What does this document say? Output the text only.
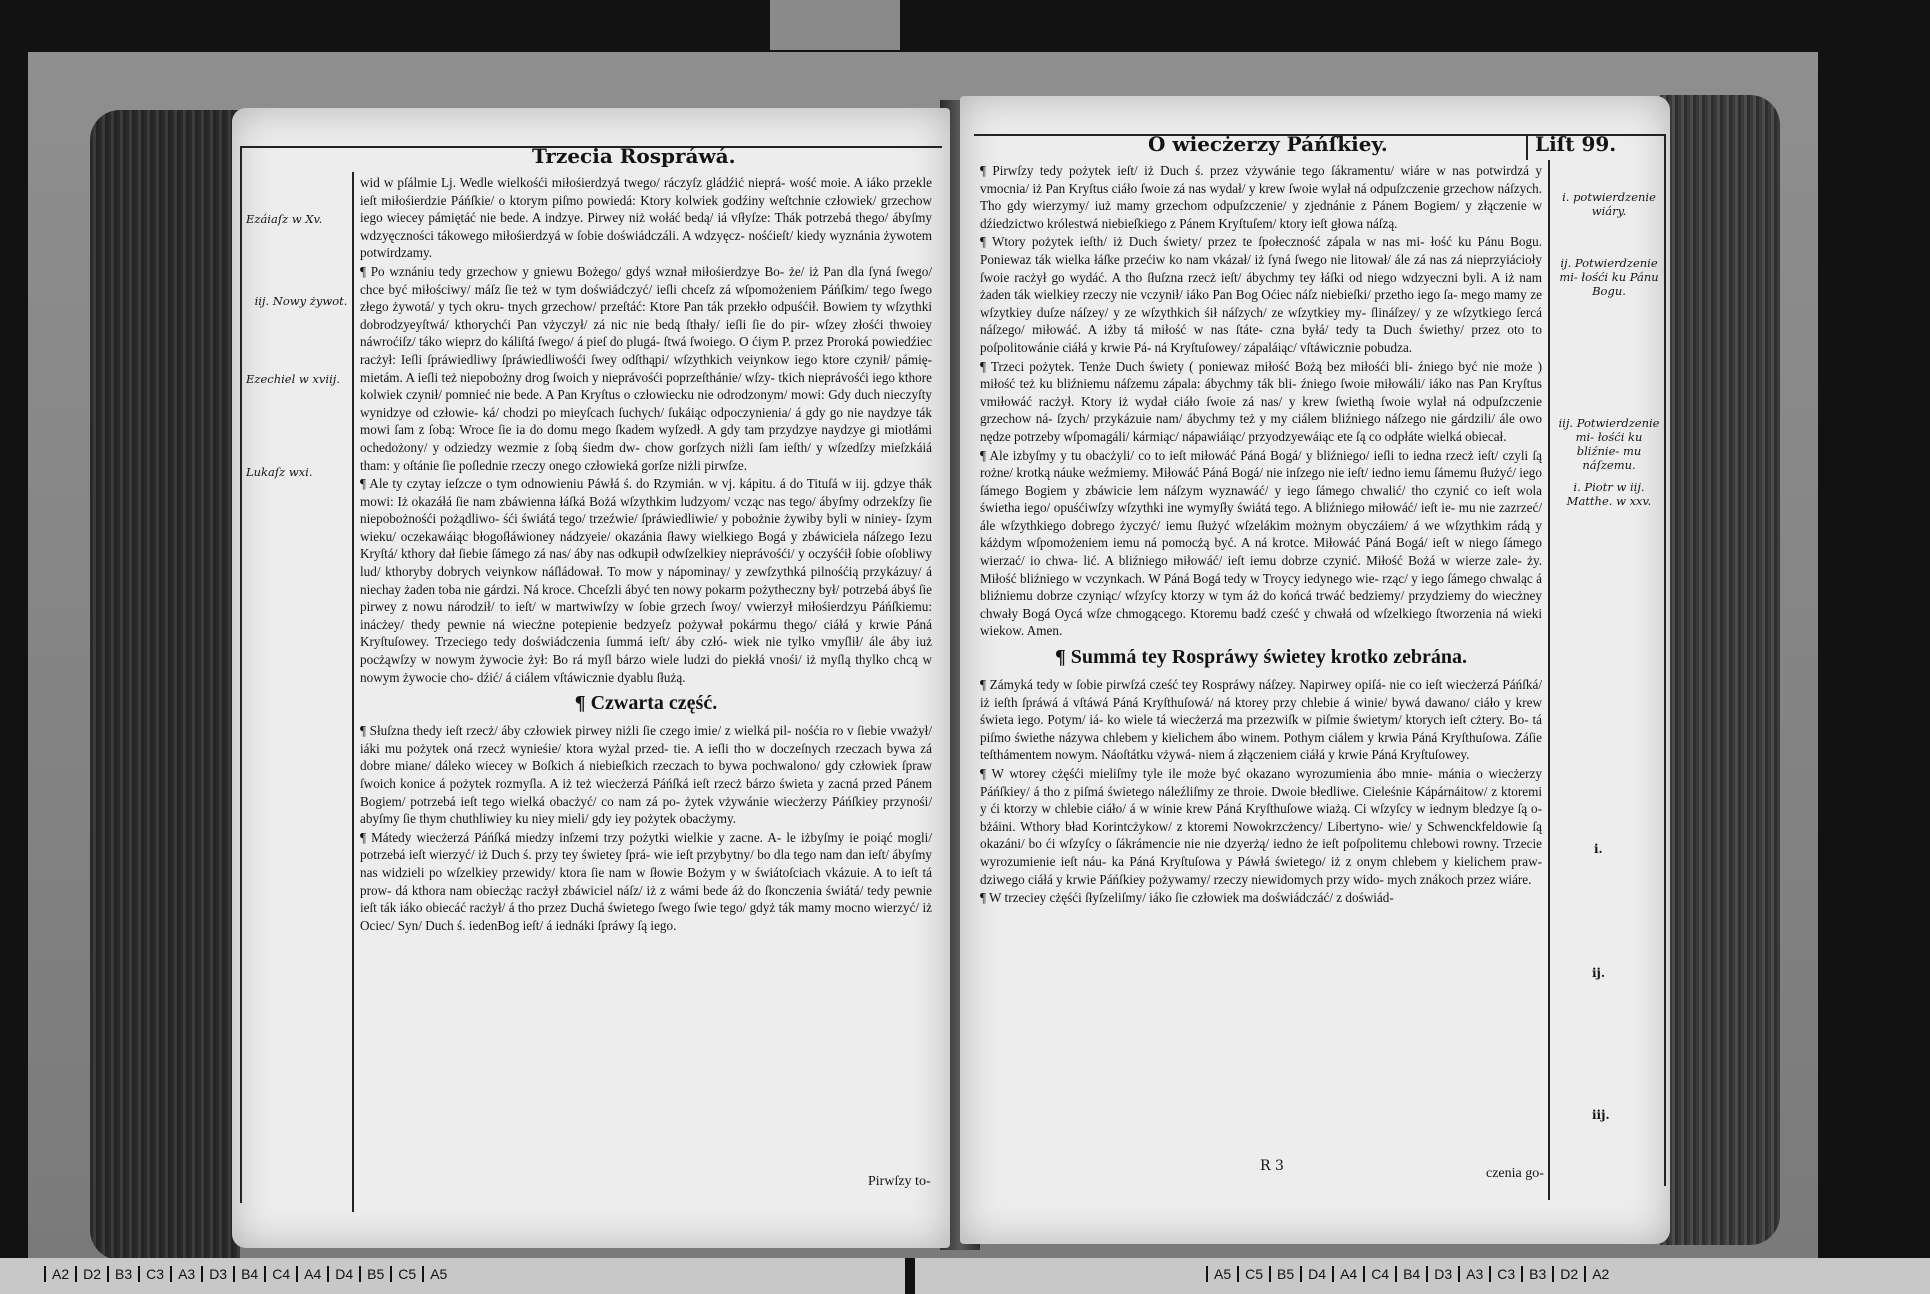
Trzecia Rospráwá.
Ezáiaſz w Xv.
iij. Nowy żywot.
Ezechiel w xviij.
Lukaſz wxi.

wid w pſálmie Lj. Wedle wielkośći miłośierdzyá twego/ ráczyſz gládźić nieprá- wość moie. A iáko przekle ieſt miłośierdzie Páńſkie/ o ktorym piſmo powiedá: Ktory kolwiek godźiny weſtchnie człowiek/ grzechow iego wiecey pámiętáć nie bede. A indzye. Pirwey niż wołáć bedą/ iá vſłyſze: Thák potrzebá thego/ ábyſmy wdzyęczności tákowego miłośierdzyá w ſobie doświádczáli. A wdzyęcz- nośćieſt/ kiedy wyznánia żywotem potwirdzamy.

¶ Po wznániu tedy grzechow y gniewu Bożego/ gdyś wznał miłośierdzye Bo- że/ iż Pan dla ſyná ſwego/ chce być miłościwy/ máſz ſie też w tym doświádczyć/ ieſli chceſz zá wſpomożeniem Páńſkim/ tego ſwego złego żywotá/ y tych okru- tnych grzechow/ przeſtáć: Ktore Pan ták przekło odpuśćił. Bowiem ty wſzythki dobrodzyeyſtwá/ kthorychći Pan vżyczył/ zá nic nie bedą ſthały/ ieſli ſie do pir- wſzey złośći thwoiey náwroćiſz/ táko wieprz do káliſtá ſwego/ á pieſ do plugá- ſtwá ſwoiego. O ćiym P. przez Proroká powiedźiec racżył: Ieſli ſpráwiedliwy ſpráwiedliwośći ſwey odſthąpi/ wſzythkich veiynkow iego ktore czynił/ pámię- mietám. A ieſli też niepobożny drog ſwoich y nieprávośći poprzeſthánie/ wſzy- tkich nieprávośći iego kthore kolwiek czynił/ pomnieć nie bede. A Pan Kryſtus o człowiecku nie odrodzonym/ mowi: Gdy duch nieczyſty wynidzye od człowie- ká/ chodzi po mieyſcach ſuchych/ ſukáiąc odpoczynienia/ á gdy go nie naydzye ták mowi ſam z ſobą: Wroce ſie ia do domu mego ſkadem wyſzedł. A gdy tam przydzye naydzye gi miotłámi ochedożony/ y odziedzy wezmie z ſobą śiedm dw- chow gorſzych niżli ſam ieſth/ y wſzedſzy mieſzkáiá tham: y oſtánie ſie poſlednie rzeczy onego człowieká gorſze niżli pirwſze.

¶ Ale ty czytay ieſzcze o tym odnowieniu Páwłá ś. do Rzymián. w vj. kápitu. á do Tituſá w iij. gdzye thák mowi: Iż okazáłá ſie nam zbáwienna łáſká Bożá wſzythkim ludzyom/ vcząc nas tego/ ábyſmy odrzekſzy ſie niepobożnośći pożądliwo- śći świátá tego/ trzeźwie/ ſpráwiedliwie/ y pobożnie żywiby byli w niniey- ſzym wieku/ oczekawáiąc błogoſłáwioney nádzyeie/ okazánia ſławy wielkiego Bogá y zbáwiciela náſzego Iezu Kryſtá/ kthory dał ſiebie ſámego zá nas/ áby nas odkupił odwſzelkiey nieprávośći/ y oczyśćił ſobie oſobliwy lud/ kthoryby dobrych veiynkow náſládował. To mow y nápominay/ y zewſzythká pilnośćią przykázuy/ á niechay żaden toba nie gárdzi. Ná kroce. Chceſzli ábyć ten nowy pokarm pożytheczny był/ potrzebá ábyś ſie pirwey z nowu národził/ to ieſt/ w martwiwſzy w ſobie grzech ſwoy/ vwierzył miłośierdzyu Páńſkiemu: inácżey/ thedy pewnie ná wiecżne potepienie bedzyeſz pożywał pokármu thego/ ciáłá y krwie Páná Kryſtuſowey. Trzeciego tedy doświádczenia ſummá ieſt/ áby człó- wiek nie tylko vmyſlił/ ále áby iuż pocżąwſzy w nowym żywocie żył: Bo rá myſl bárzo wiele ludzi do piekłá vnośi/ iż myſlą thylko chcą w nowym żywocie cho- dźić/ á ciálem vſtáwicznie dyablu ſłużą.

¶ Czwarta część.

¶ Słuſzna thedy ieſt rzecż/ áby człowiek pirwey niżli ſie czego imie/ z wielká pil- nośćia ro v ſiebie vważył/ iáki mu pożytek oná rzecż wynieśie/ ktora wyżal przed- tie. A ieſli tho w doczeſnych rzeczach bywa zá dobre miane/ dáleko wiecey w Boſkich á niebieſkich rzeczach to bywa pochwalono/ gdy człowiek ſpraw ſwoich konice á pożytek rozmyſla. A iż też wiecżerzá Páńſká ieſt rzecż bárzo świeta y zacná przed Pánem Bogiem/ potrzebá ieſt tego wielká obacżyć/ co nam zá po- żytek vżywánie wiecżerzy Páńſkiey przynośi/ abyſmy ſie thym chuthliwiey ku niey mieli/ gdy iey pożytek obacżymy.

¶ Mátedy wiecżerzá Páńſká miedzy inſzemi trzy pożytki wielkie y zacne. A- le iżbyſmy ie poiąć mogli/ potrzebá ieſt wierzyć/ iż Duch ś. przy tey świetey ſprá- wie ieſt przybytny/ bo dla tego nam dan ieſt/ ábyſmy nas widzieli po wſzelkiey przewidy/ ktora ſie nam w ſłowie Bożym y w świátoſciach vkázuie. A to ieſt tá prow- dá kthora nam obiecżąc racżył zbáwiciel náſz/ iż z wámi bede áż do ſkonczenia świátá/ tedy pewnie ieſt ták iáko obiecáć racżył/ á tho przez Duchá świetego ſwego ſwie tego/ gdyż ták mamy mocno wierzyć/ iż Ociec/ Syn/ Duch ś. iedenBog ieſt/ á iednáki ſpráwy ſą iego.

Pirwſzy to-
O wiecżerzy Páńſkiey.	Liſt 99.
i. potwierdzenie wiáry.
ij. Potwierdzenie mi- łośći ku Pánu Bogu.
iij. Potwierdzenie mi- łośći ku bliźnie- mu náſzemu.
i. Piotr w iij. Matthe. w xxv.
i.
ij.
iij.

¶ Pirwſzy tedy pożytek ieſt/ iż Duch ś. przez vżywánie tego ſákramentu/ wiáre w nas potwirdzá y vmocnia/ iż Pan Kryſtus ciáło ſwoie zá nas wydał/ y krew ſwoie wylał ná odpuſzczenie grzechow náſzych. Tho gdy wierzymy/ iuż mamy grzechom odpuſzczenie/ y zjednánie z Pánem Bogiem/ y złączenie w dźiedzictwo królestwá niebieſkiego z Pánem Kryſtuſem/ ktory ieſt głowa náſzą.

¶ Wtory pożytek ieſth/ iż Duch świety/ przez te ſpołeczność zápala w nas mi- łość ku Pánu Bogu. Poniewaz ták wielka łáſke przećiw ko nam vkázał/ iż ſyná ſwego nie litował/ ále zá nas zá nieprzyiácioły ſwoie racżył go wydáć. A tho ſłuſzna rzecż ieſt/ ábychmy tey łáſki od niego wdzyeczni byli. A iż nam żaden ták wielkiey rzeczy nie vczynił/ iáko Pan Bog Oćiec náſz niebieſki/ przetho iego ſa- mego mamy ze wſzytkiey duſze náſzey/ y ze wſzythkich śił náſzych/ ze wſzytkiey my- ſlináſzey/ y ze wſzytkiego ſercá náſzego/ miłowáć. A iżby tá miłość w nas ſtáte- czna byłá/ tedy ta Duch świethy/ przez oto to poſpolitowánie ciáłá y krwie Pá- ná Kryſtuſowey/ zápaláiąc/ vſtáwicznie pobudza.

¶ Trzeci pożytek. Tenże Duch świety ( poniewaz miłość Bożą bez miłośći bli- źniego być nie może ) miłość też ku bliźniemu náſzemu zápala: ábychmy ták bli- źniego ſwoie miłowáli/ iáko nas Pan Kryſtus vmiłowáć racżył. Ktory iż wydał ciáło ſwoie zá nas/ y krew ſwiethą ſwoie wylał ná odpuſzczenie grzechow ná- ſzych/ przykázuie nam/ ábychmy też y my ciálem bliźniego náſzego nie gárdzili/ ále owo nędze potrzeby wſpomagáli/ kármiąc/ nápawiáiąc/ przyodzyewáiąc ete ſą co odpłáte wielká obiecał.

¶ Ale izbyſmy y tu obacżyli/ co to ieſt miłowáć Páná Bogá/ y bliźniego/ ieſli to iedna rzecż ieſt/ czyli ſą rożne/ krotką náuke weźmiemy. Miłowáć Páná Bogá/ nie inſzego nie ieſt/ iedno iemu ſámemu ſłużyć/ iego ſámego Bogiem y zbáwicie lem náſzym wyznawáć/ y iego ſámego chwalić/ tho czynić co ieſt wola świetha iego/ opuśćiwſzy wſzythki ine wymyſły świátá tego. A bliźniego miłowáć/ ieſt ie- mu nie zazrzeć/ ále wſzythkiego dobrego życzyć/ iemu ſłużyć wſzelákim możnym obyczáiem/ á we wſzythkim rádą y káżdym wſpomożeniem iemu ná pomocżą być. A ná krotce. Miłowáć Páná Bogá/ ieſt w niego ſámego wierzać/ io chwa- lić. A bliźniego miłowáć/ ieſt iemu dobrze czynić. Miłość Bożá w wierze zale- ży. Miłość bliźniego w vczynkach. W Páná Bogá tedy w Troycy iedynego wie- rząc/ y iego ſámego chwaląc á bliźniemu dobrze czyniąc/ wſzyſcy ktorzy w tym áż do końcá trwáć bedziemy/ przydziemy do wiecżney chwały Bogá Oycá wſze chmogącego. Ktoremu badź cześć y chwałá od wſzelkiego ſtworzenia ná wieki wiekow. Amen.

¶ Summá tey Rospráwy świetey krotko zebrána.

¶ Zámyká tedy w ſobie pirwſzá cześć tey Rospráwy náſzey. Napirwey opiſá- nie co ieſt wiecżerzá Páńſká/ iż ieſth ſpráwá á vſtáwá Páná Kryſthuſowá/ ná ktorey przy chlebie á winie/ bywá dawano/ ciáło y krew świeta iego. Potym/ iá- ko wiele tá wiecżerzá ma przezwiſk w piſmie świetym/ ktorych ieſt cżtery. Bo- tá piſmo świethe názywa chlebem y kielichem ábo winem. Pothym ciálem y krwia Páná Kryſthuſowa. Záſie teſthámentem nowym. Náoſtátku vżywá- niem á złączeniem ciáłá y krwie Páná Kryſtuſowey.

¶ W wtorey cżęśći mieliſmy tyle ile może być okazano wyrozumienia ábo mnie- mánia o wiecżerzy Páńſkiey/ á tho z piſmá świetego náleźliſmy ze throie. Dwoie błedliwe. Cieleśnie Kápárnáitow/ z ktoremi y ći ktorzy w chlebie ciáło/ á w winie krew Páná Kryſthuſowe wiażą. Ci wſzyſcy w iednym bledzye ſą o- bżáini. Wthory bład Korintcżykow/ z ktoremi Nowokrzcżency/ Libertyno- wie/ y Schwenckfeldowie ſą okazáni/ bo ći wſzyſcy o ſákrámencie nie nie dzyerżą/ iedno że ieſt poſpolitemu chlebowi rowny. Trzecie wyrozumienie ieſt náu- ka Páná Kryſtuſowa y Páwłá świetego/ iż z onym chlebem y kielichem praw- dziwego ciáłá y krwie Páńſkiey pożywamy/ rzeczy niewidomych przy wido- mych znákoch przez wiáre.

¶ W trzeciey cżęśći ſłyſzeliſmy/ iáko ſie człowiek ma doświádczáć/ z doświád-

R 3	czenia go-
A2 D2 B3 C3 A3 D3 B4 C4 A4 D4 B5 C5 A5	A5 C5 B5 D4 A4 C4 B4 D3 A3 C3 B3 D2 A2
